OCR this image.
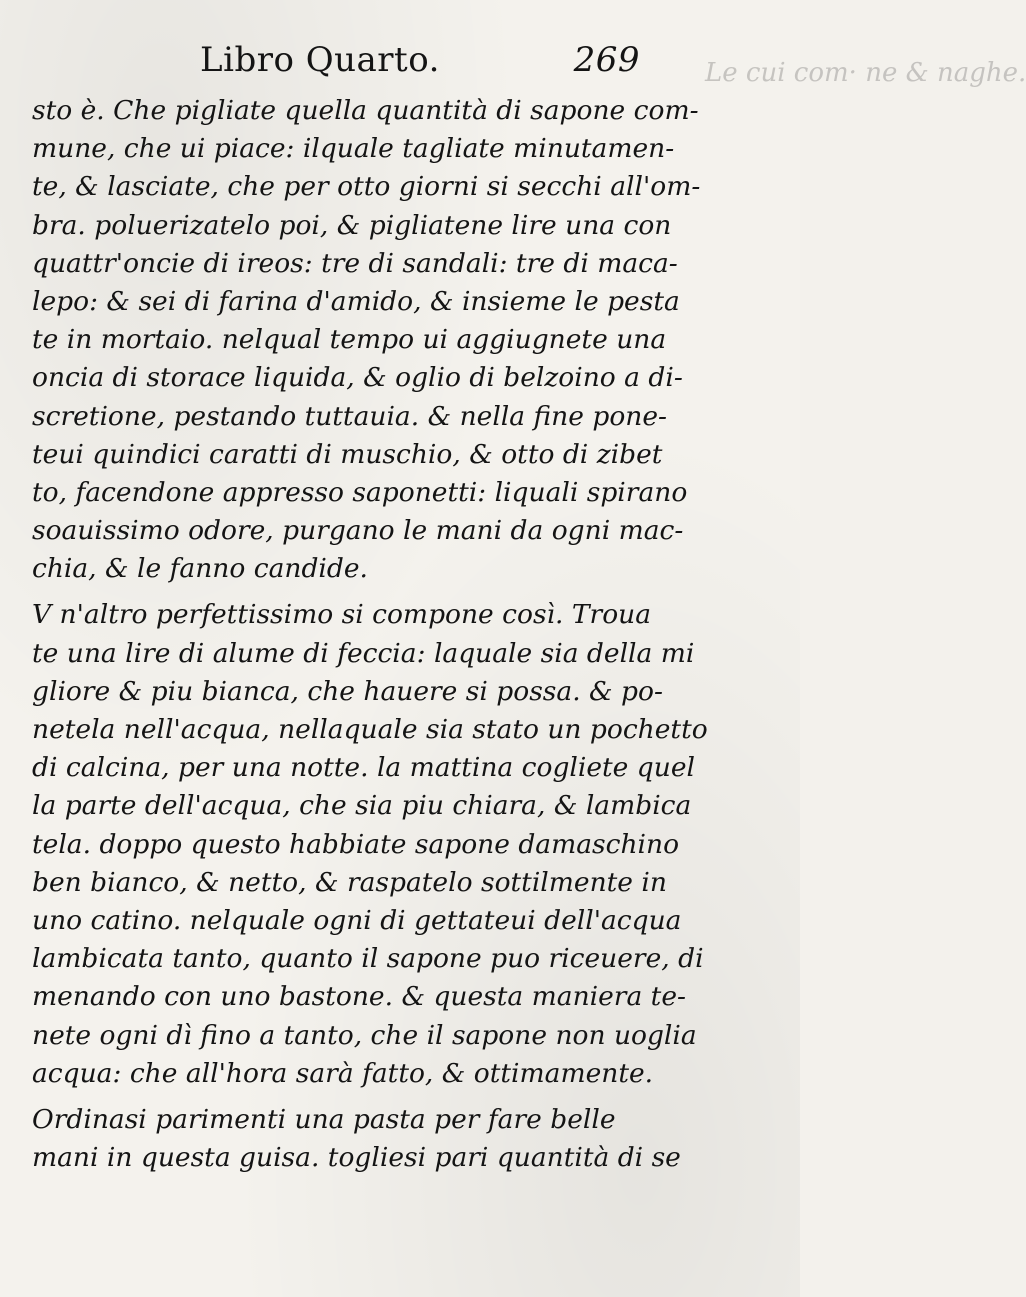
Le cui com· ne & naghe.
Libro Quarto.	269
sto è. Che pigliate quella quantità di sapone com-
mune, che ui piace: ilquale tagliate minutamen-
te, & lasciate, che per otto giorni si secchi all'om-
bra. poluerizatelo poi, & pigliatene lire una con
quattr'oncie di ireos: tre di sandali: tre di maca-
lepo: & sei di farina d'amido, & insieme le pesta
te in mortaio. nelqual tempo ui aggiugnete una
oncia di storace liquida, & oglio di belzoino a di-
scretione, pestando tuttauia. & nella fine pone-
teui quindici caratti di muschio, & otto di zibet
to, facendone appresso saponetti: liquali spirano
soauissimo odore, purgano le mani da ogni mac-
chia, & le fanno candide.
V n'altro perfettissimo si compone così. Troua
te una lire di alume di feccia: laquale sia della mi
gliore & piu bianca, che hauere si possa. & po-
netela nell'acqua, nellaquale sia stato un pochetto
di calcina, per una notte. la mattina cogliete quel
la parte dell'acqua, che sia piu chiara, & lambica
tela. doppo questo habbiate sapone damaschino
ben bianco, & netto, & raspatelo sottilmente in
uno catino. nelquale ogni di gettateui dell'acqua
lambicata tanto, quanto il sapone puo riceuere, di
menando con uno bastone. & questa maniera te-
nete ogni dì fino a tanto, che il sapone non uoglia
acqua: che all'hora sarà fatto, & ottimamente.
Ordinasi parimenti una pasta per fare belle
mani in questa guisa. togliesi pari quantità di se
